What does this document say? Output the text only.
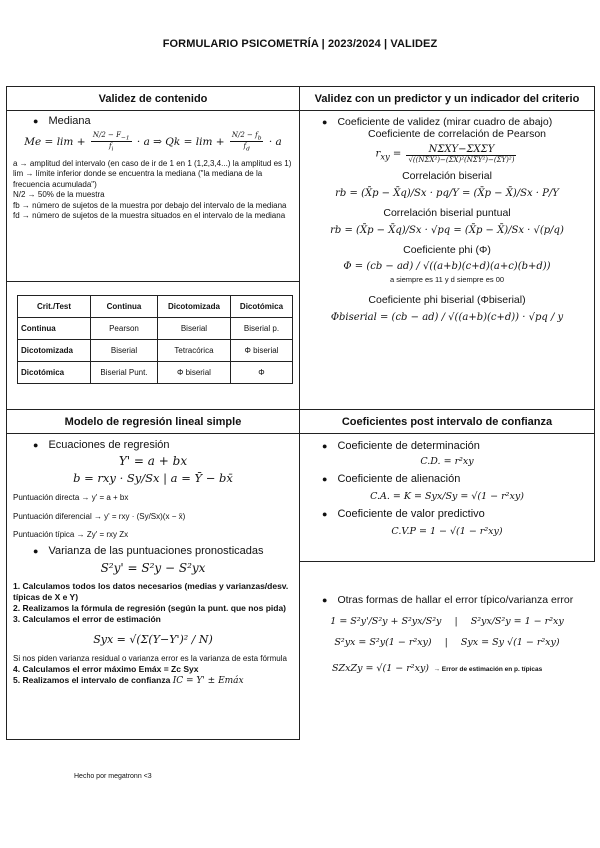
FORMULARIO PSICOMETRÍA | 2023/2024 | VALIDEZ
Validez de contenido
● Mediana
$Me = \lim + \frac{N/2 - F_{-1}}{f_i} \cdot a$ ⇒ $Qk = \lim + \frac{N/2 - f_b}{f_d} \cdot a$
a → amplitud del intervalo (en caso de ir de 1 en 1 (1,2,3,4...) la amplitud es 1)
lim → límite inferior donde se encuentra la mediana ("la mediana de la frecuencia acumulada")
N/2 → 50% de la muestra
fb → número de sujetos de la muestra por debajo del intervalo de la mediana
fd → número de sujetos de la muestra situados en el intervalo de la mediana
Crit./Test	Continua	Dicotomizada	Dicotómica
Continua	Pearson	Biserial	Biserial p.
Dicotomizada	Biserial	Tetracórica	Φ biserial
Dicotómica	Biserial Punt.	Φ biserial	Φ
Validez con un predictor y un indicador del criterio
● Coeficiente de validez (mirar cuadro de abajo)
Coeficiente de correlación de Pearson
$r_{xy} = \frac{\text{NΣXY−ΣXΣY}}{\text{√((NΣX²)−(ΣX)²(NΣY²)−(ΣY)²)}}$
Correlación biserial
rb = (X̄p − X̄q)/Sx · pq/Y = (X̄p − X̄)/Sx · P/Y
Correlación biserial puntual
rb = (X̄p − X̄q)/Sx · √pq = (X̄p − X̄)/Sx · √(p/q)
Coeficiente phi (Φ)
Φ = (cb − ad) / √((a+b)(c+d)(a+c)(b+d))
a siempre es 11 y d siempre es 00
Coeficiente phi biserial (Φbiserial)
Φbiserial = (cb − ad) / √((a+b)(c+d)) · √pq / y
Modelo de regresión lineal simple
● Ecuaciones de regresión
Y' = a + bx
b = rxy · Sy/Sx | a = Ȳ − bx̄
Puntuación directa → y' = a + bx
Puntuación diferencial → y' = rxy · (Sy/Sx)(x − x̄)
Puntuación típica → Zy' = rxy Zx
● Varianza de las puntuaciones pronosticadas
S²y' = S²y − S²yx
1. Calculamos todos los datos necesarios (medias y varianzas/desv. típicas de X e Y)
2. Realizamos la fórmula de regresión (según la punt. que nos pida)
3. Calculamos el error de estimación
Syx = √(Σ(Y−Y')² / N)
Si nos piden varianza residual o varianza error es la varianza de esta fórmula
4. Calculamos el error máximo Emáx = Zc Syx
5. Realizamos el intervalo de confianza IC = Y' ± Emáx
Coeficientes post intervalo de confianza
● Coeficiente de determinación
C.D. = r²xy
● Coeficiente de alienación
C.A. = K = Syx/Sy = √(1 − r²xy)
● Coeficiente de valor predictivo
C.V.P = 1 − √(1 − r²xy)
● Otras formas de hallar el error típico/varianza error
1 = S²y'/S²y + S²yx/S²y | S²yx/S²y = 1 − r²xy
S²yx = S²y(1 − r²xy) | Syx = Sy √(1 − r²xy)
SZxZy = √(1 − r²xy) → Error de estimación en p. típicas
Hecho por megatronn <3
